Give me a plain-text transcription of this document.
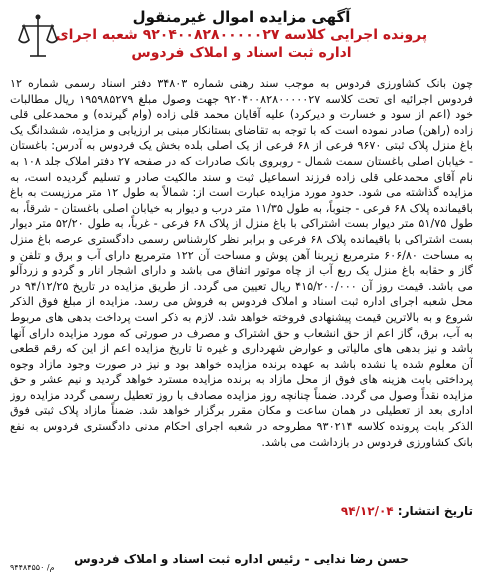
آگهی مزایده اموال غیرمنقول
پرونده اجرایی کلاسه ۹۲۰۴۰۰۸۲۸۰۰۰۰۰۲۷ شعبه اجرای
اداره ثبت اسناد و املاک فردوس
چون بانک کشاورزی فردوس به موجب سند رهنی شماره ۳۴۸۰۳ دفتر اسناد رسمی شماره ۱۲ فردوس اجرائیه ای تحت کلاسه ۹۲۰۴۰۰۸۲۸۰۰۰۰۰۲۷ جهت وصول مبلغ ۱۹۵۹۸۵۲۷۹ ریال مطالبات خود (اعم از سود و خسارت و دیرکرد) علیه آقایان محمد قلی زاده (وام گیرنده) و محمدعلی قلی زاده (راهن) صادر نموده است که با توجه به تقاضای بستانکار مبنی بر ارزیابی و مزایده، ششدانگ یک باغ منزل پلاک ثبتی ۹۶۷۰ فرعی از ۶۸ فرعی از یک اصلی بلده بخش یک فردوس به آدرس: باغستان - خیابان اصلی باغستان سمت شمال - روبروی بانک صادرات که در صفحه ۲۷ دفتر املاک جلد ۱۰۸ به نام آقای محمدعلی قلی زاده فرزند اسماعیل ثبت و سند مالکیت صادر و تسلیم گردیده است، به مزایده گذاشته می شود. حدود مورد مزایده عبارت است از: شمالاً به طول ۱۲ متر مرزیست به باغ باقیمانده پلاک ۶۸ فرعی - جنوباً، به طول ۱۱/۳۵ متر درب و دیوار به خیابان اصلی باغستان - شرقاً، به طول ۵۱/۷۵ متر دیوار بست اشتراکی با باغ منزل از پلاک ۶۸ فرعی - غرباً، به طول ۵۲/۲۰ متر دیوار بست اشتراکی با باقیمانده پلاک ۶۸ فرعی و برابر نظر کارشناس رسمی دادگستری عرصه باغ منزل به مساحت ۶۰۶/۸۰ مترمربع زیربنا آهن پوش و مساحت آن ۱۲۲ مترمربع دارای آب و برق و تلفن و گاز و حقابه باغ منزل یک ربع آب از چاه موتور اتفاق می باشد و دارای اشجار انار و گردو و زردآلو می باشد. قیمت روز آن ۴۱۵/۲۰۰/۰۰۰ ریال تعیین می گردد. از طریق مزایده در تاریخ ۹۴/۱۲/۲۵ در محل شعبه اجرای اداره ثبت اسناد و املاک فردوس به فروش می رسد. مزایده از مبلغ فوق الذکر شروع و به بالاترین قیمت پیشنهادی فروخته خواهد شد. لازم به ذکر است پرداخت بدهی های مربوط به آب، برق، گاز اعم از حق انشعاب و حق اشتراک و مصرف در صورتی که مورد مزایده دارای آنها باشد و نیز بدهی های مالیاتی و عوارض شهرداری و غیره تا تاریخ مزایده اعم از این که رقم قطعی آن معلوم شده یا نشده باشد به عهده برنده مزایده خواهد بود و نیز در صورت وجود مازاد وجوه پرداختی بابت هزینه های فوق از محل مازاد به برنده مزایده مسترد خواهد گردید و نیم عشر و حق مزایده نقداً وصول می گردد. ضمناً چنانچه روز مزایده مصادف با روز تعطیل رسمی گردد مزایده روز اداری بعد از تعطیلی در همان ساعت و مکان مقرر برگزار خواهد شد. ضمناً مازاد پلاک ثبتی فوق الذکر بابت پرونده کلاسه ۹۳۰۲۱۴ مطروحه در شعبه اجرای احکام مدنی دادگستری فردوس به نفع بانک کشاورزی فردوس در بازداشت می باشد.
تاریخ انتشار: ۹۴/۱۲/۰۴
حسن رضا ندایی - رئیس اداره ثبت اسناد و املاک فردوس
م/ ۹۴۴۸۴۵۵۰
